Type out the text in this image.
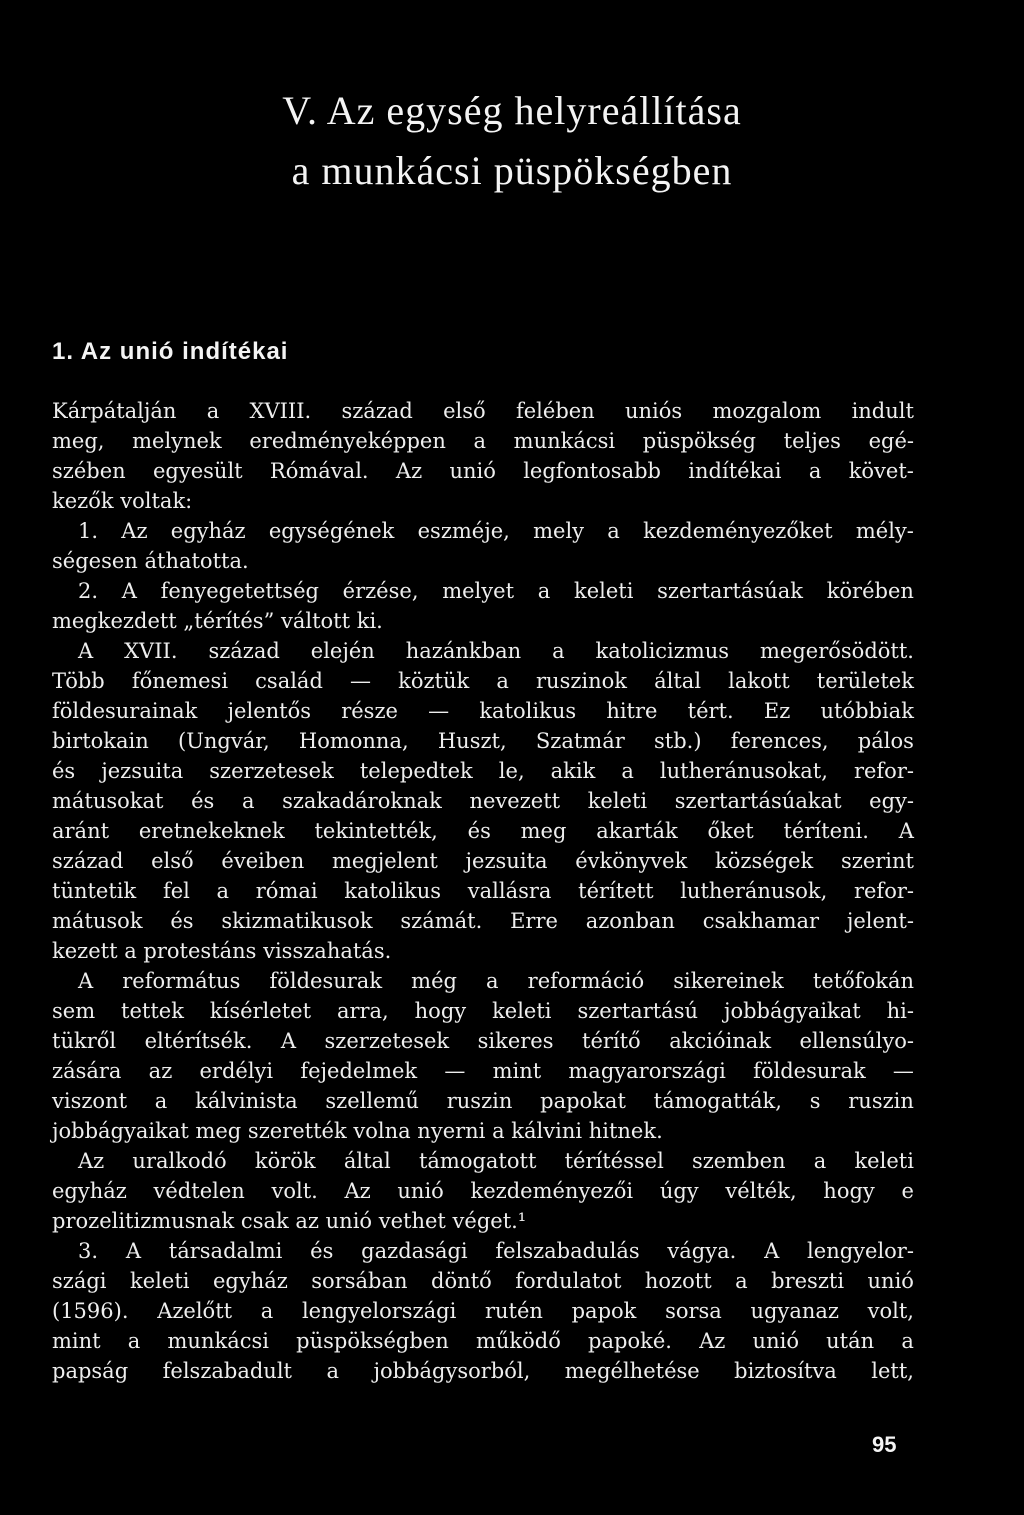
V. Az egység helyreállítása
a munkácsi püspökségben
1. Az unió indítékai
Kárpátalján a XVIII. század első felében uniós mozgalom indult
meg, melynek eredményeképpen a munkácsi püspökség teljes egé-
szében egyesült Rómával. Az unió legfontosabb indítékai a követ-
kezők voltak:
1. Az egyház egységének eszméje, mely a kezdeményezőket mély-
ségesen áthatotta.
2. A fenyegetettség érzése, melyet a keleti szertartásúak körében
megkezdett „térítés” váltott ki.
A XVII. század elején hazánkban a katolicizmus megerősödött.
Több főnemesi család — köztük a ruszinok által lakott területek
földesurainak jelentős része — katolikus hitre tért. Ez utóbbiak
birtokain (Ungvár, Homonna, Huszt, Szatmár stb.) ferences, pálos
és jezsuita szerzetesek telepedtek le, akik a lutheránusokat, refor-
mátusokat és a szakadároknak nevezett keleti szertartásúakat egy-
aránt eretnekeknek tekintették, és meg akarták őket téríteni. A
század első éveiben megjelent jezsuita évkönyvek községek szerint
tüntetik fel a római katolikus vallásra térített lutheránusok, refor-
mátusok és skizmatikusok számát. Erre azonban csakhamar jelent-
kezett a protestáns visszahatás.
A református földesurak még a reformáció sikereinek tetőfokán
sem tettek kísérletet arra, hogy keleti szertartású jobbágyaikat hi-
tükről eltérítsék. A szerzetesek sikeres térítő akcióinak ellensúlyo-
zására az erdélyi fejedelmek — mint magyarországi földesurak —
viszont a kálvinista szellemű ruszin papokat támogatták, s ruszin
jobbágyaikat meg szerették volna nyerni a kálvini hitnek.
Az uralkodó körök által támogatott térítéssel szemben a keleti
egyház védtelen volt. Az unió kezdeményezői úgy vélték, hogy e
prozelitizmusnak csak az unió vethet véget.¹
3. A társadalmi és gazdasági felszabadulás vágya. A lengyelor-
szági keleti egyház sorsában döntő fordulatot hozott a breszti unió
(1596). Azelőtt a lengyelországi rutén papok sorsa ugyanaz volt,
mint a munkácsi püspökségben működő papoké. Az unió után a
papság felszabadult a jobbágysorból, megélhetése biztosítva lett,
95
